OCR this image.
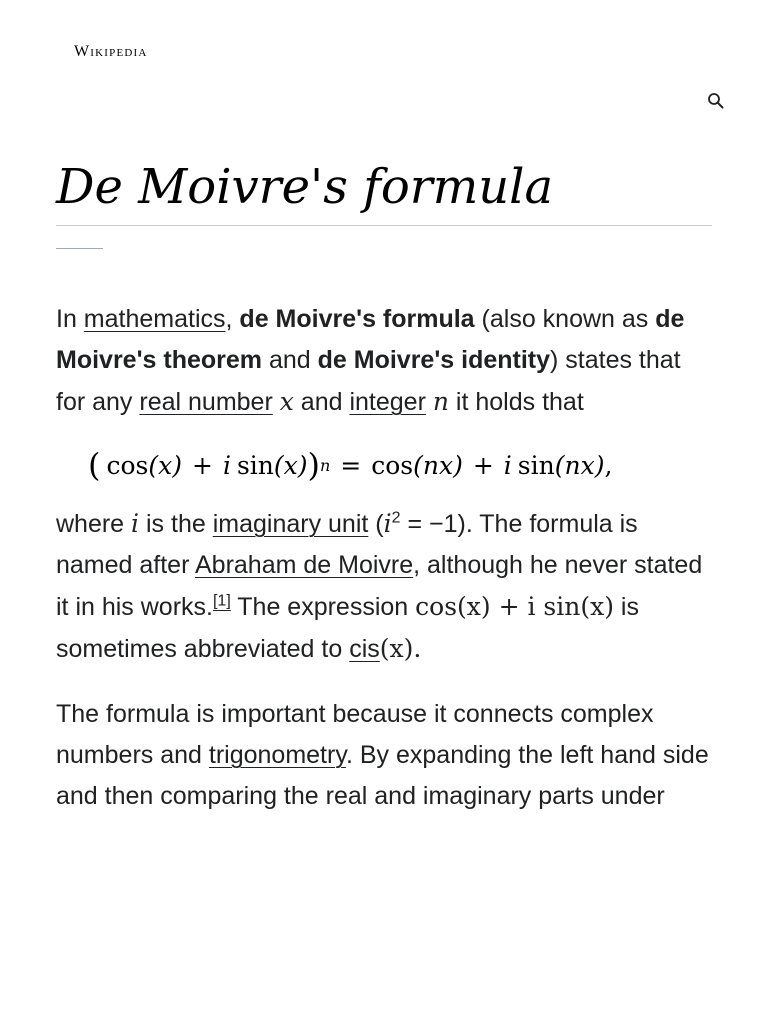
Wikipedia
De Moivre's formula

In mathematics, de Moivre's formula (also known as de Moivre's theorem and de Moivre's identity) states that for any real number x and integer n it holds that

( cos (x) + i sin (x) ) n = cos (nx) + i sin (nx) ,

where i is the imaginary unit $(i^2 = -1)$. The formula is named after Abraham de Moivre, although he never stated it in his works.[1] The expression cos(x) + i sin(x) is sometimes abbreviated to cis(x).

The formula is important because it connects complex numbers and trigonometry. By expanding the left hand side and then comparing the real and imaginary parts under
